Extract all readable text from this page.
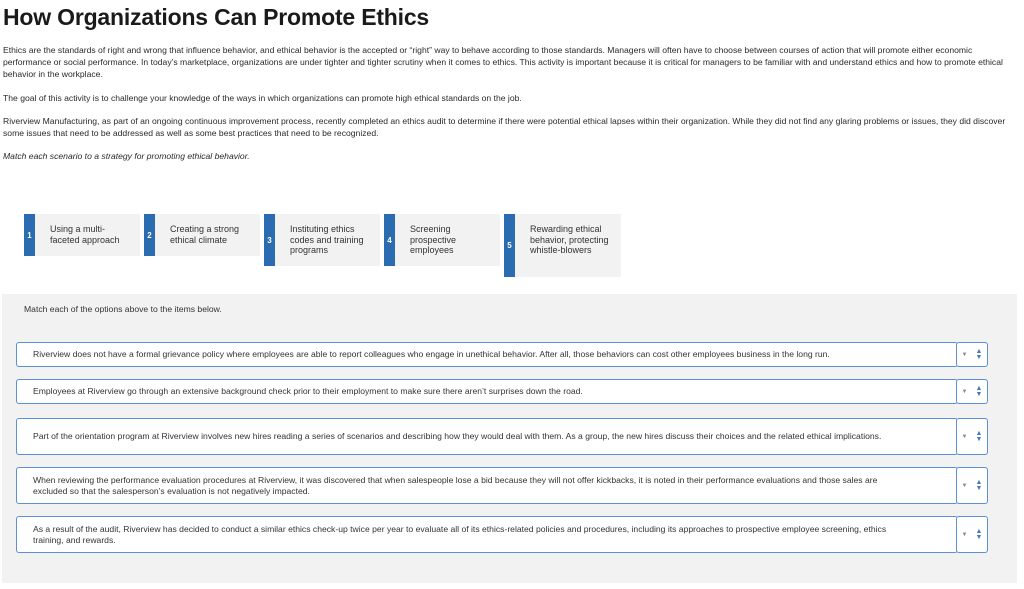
How Organizations Can Promote Ethics

Ethics are the standards of right and wrong that influence behavior, and ethical behavior is the accepted or “right” way to behave according to those standards. Managers will often have to choose between courses of action that will promote either economic performance or social performance. In today’s marketplace, organizations are under tighter and tighter scrutiny when it comes to ethics. This activity is important because it is critical for managers to be familiar with and understand ethics and how to promote ethical behavior in the workplace.

The goal of this activity is to challenge your knowledge of the ways in which organizations can promote high ethical standards on the job.

Riverview Manufacturing, as part of an ongoing continuous improvement process, recently completed an ethics audit to determine if there were potential ethical lapses within their organization. While they did not find any glaring problems or issues, they did discover some issues that need to be addressed as well as some best practices that need to be recognized.

Match each scenario to a strategy for promoting ethical behavior.

1
Using a multi-faceted approach	2
Creating a strong ethical climate	3
Instituting ethics codes and training programs
4
Screening prospective employees	5
Rewarding ethical behavior, protecting whistle-blowers
Match each of the options above to the items below.
Riverview does not have a formal grievance policy where employees are able to report colleagues who engage in unethical behavior. After all, those behaviors can cost other employees business in the long run.	▼ ▲
▼
Employees at Riverview go through an extensive background check prior to their employment to make sure there aren’t surprises down the road.	▼ ▲
▼
Part of the orientation program at Riverview involves new hires reading a series of scenarios and describing how they would deal with them. As a group, the new hires discuss their choices and the related ethical implications.	▼ ▲
▼
When reviewing the performance evaluation procedures at Riverview, it was discovered that when salespeople lose a bid because they will not offer kickbacks, it is noted in their performance evaluations and those sales are excluded so that the salesperson’s evaluation is not negatively impacted.	▼ ▲
▼
As a result of the audit, Riverview has decided to conduct a similar ethics check-up twice per year to evaluate all of its ethics-related policies and procedures, including its approaches to prospective employee screening, ethics training, and rewards.	▼ ▲
▼
